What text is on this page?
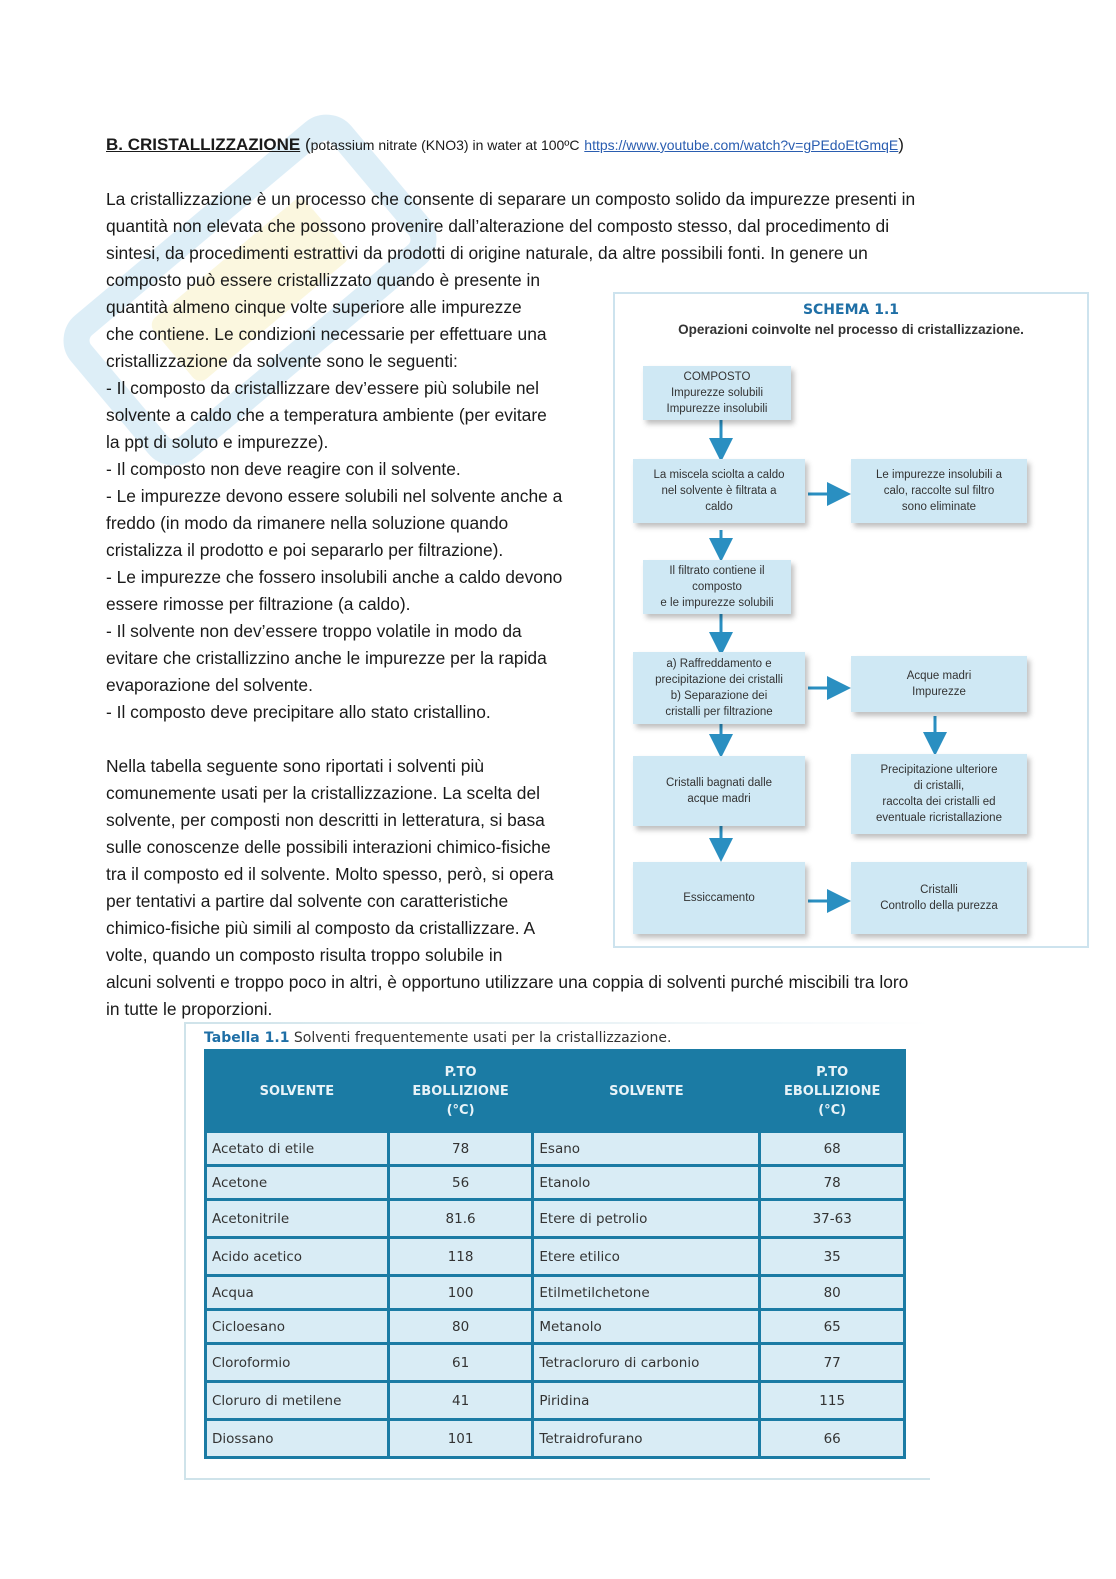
B. CRISTALLIZZAZIONE (potassium nitrate (KNO3) in water at 100ºC https://www.youtube.com/watch?v=gPEdoEtGmqE)
La cristallizzazione è un processo che consente di separare un composto solido da impurezze presenti in
quantità non elevata che possono provenire dall’alterazione del composto stesso, dal procedimento di
sintesi, da procedimenti estrattivi da prodotti di origine naturale, da altre possibili fonti. In genere un
composto può essere cristallizzato quando è presente in
quantità almeno cinque volte superiore alle impurezze
che contiene. Le condizioni necessarie per effettuare una
cristallizzazione da solvente sono le seguenti:
- Il composto da cristallizzare dev’essere più solubile nel
solvente a caldo che a temperatura ambiente (per evitare
la ppt di soluto e impurezze).
- Il composto non deve reagire con il solvente.
- Le impurezze devono essere solubili nel solvente anche a
freddo (in modo da rimanere nella soluzione quando
cristalizza il prodotto e poi separarlo per filtrazione).
- Le impurezze che fossero insolubili anche a caldo devono
essere rimosse per filtrazione (a caldo).
- Il solvente non dev’essere troppo volatile in modo da
evitare che cristallizzino anche le impurezze per la rapida
evaporazione del solvente.
- Il composto deve precipitare allo stato cristallino.
Nella tabella seguente sono riportati i solventi più
comunemente usati per la cristallizzazione. La scelta del
solvente, per composti non descritti in letteratura, si basa
sulle conoscenze delle possibili interazioni chimico-fisiche
tra il composto ed il solvente. Molto spesso, però, si opera
per tentativi a partire dal solvente con caratteristiche
chimico-fisiche più simili al composto da cristallizzare. A
volte, quando un composto risulta troppo solubile in
alcuni solventi e troppo poco in altri, è opportuno utilizzare una coppia di solventi purché miscibili tra loro
in tutte le proporzioni.
SCHEMA 1.1
Operazioni coinvolte nel processo di cristallizzazione.
COMPOSTO
Impurezze solubili
Impurezze insolubili
La miscela sciolta a caldo
nel solvente è filtrata a
caldo
Le impurezze insolubili a
calo, raccolte sul filtro
sono eliminate
Il filtrato contiene il
composto
e le impurezze solubili
a) Raffreddamento e
precipitazione dei cristalli
b) Separazione dei
cristalli per filtrazione
Acque madri
Impurezze
Cristalli bagnati dalle
acque madri
Precipitazione ulteriore
di cristalli,
raccolta dei cristalli ed
eventuale ricristallazione
Essiccamento
Cristalli
Controllo della purezza
Tabella 1.1 Solventi frequentemente usati per la cristallizzazione.
SOLVENTE	P.TO
EBOLLIZIONE
(°C)	SOLVENTE	P.TO
EBOLLIZIONE
(°C)
Acetato di etile	78	Esano	68
Acetone	56	Etanolo	78
Acetonitrile	81.6	Etere di petrolio	37-63
Acido acetico	118	Etere etilico	35
Acqua	100	Etilmetilchetone	80
Cicloesano	80	Metanolo	65
Cloroformio	61	Tetracloruro di carbonio	77
Cloruro di metilene	41	Piridina	115
Diossano	101	Tetraidrofurano	66
